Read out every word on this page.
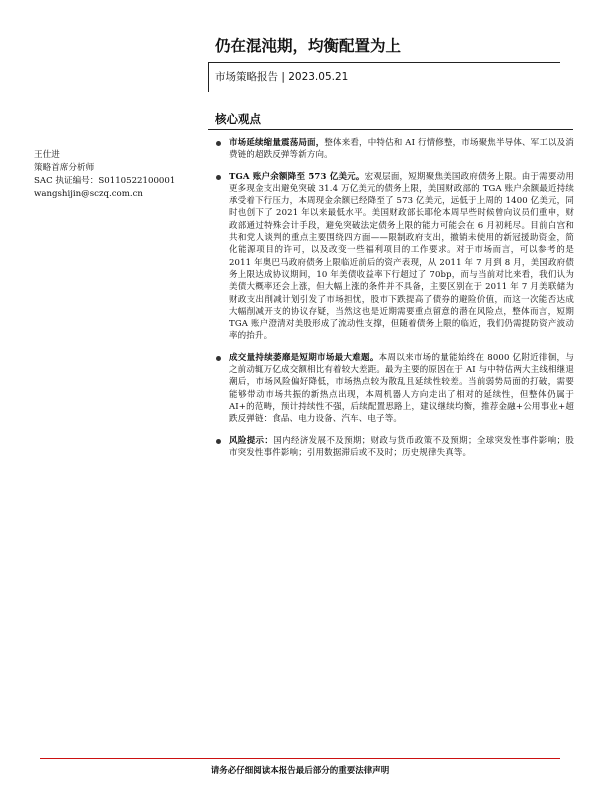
仍在混沌期，均衡配置为上
市场策略报告 | 2023.05.21
核心观点
王仕进
策略首席分析师
SAC 执证编号：S0110522100001
wangshijin@sczq.com.cn
市场延续缩量震荡局面，整体来看，中特估和 AI 行情修整，市场聚焦半导体、军工以及消费链的超跌反弹等新方向。
TGA 账户余额降至 573 亿美元。宏观层面，短期聚焦美国政府债务上限。由于需要动用更多现金支出避免突破 31.4 万亿美元的债务上限，美国财政部的 TGA 账户余额最近持续承受着下行压力，本周现金余额已经降至了 573 亿美元，远低于上周的 1400 亿美元，同时也创下了 2021 年以来最低水平。美国财政部长耶伦本周早些时候曾向议员们重申，财政部通过特殊会计手段，避免突破法定债务上限的能力可能会在 6 月初耗尽。目前白宫和共和党人谈判的重点主要围绕四方面——限制政府支出，撤销未使用的新冠援助资金，简化能源项目的许可，以及改变一些福利项目的工作要求。对于市场而言，可以参考的是 2011 年奥巴马政府债务上限临近前后的资产表现，从 2011 年 7 月到 8 月，美国政府债务上限达成协议期间，10 年美债收益率下行超过了 70bp，而与当前对比来看，我们认为美债大概率还会上涨，但大幅上涨的条件并不具备，主要区别在于 2011 年 7 月美联储为财政支出削减计划引发了市场担忧，股市下跌提高了债券的避险价值，而这一次能否达成大幅削减开支的协议存疑，当然这也是近期需要重点留意的潜在风险点，整体而言，短期 TGA 账户澄清对美股形成了流动性支撑，但随着债务上限的临近，我们仍需提防资产波动率的抬升。
成交量持续萎靡是短期市场最大难题。本周以来市场的量能始终在 8000 亿附近徘徊，与之前动辄万亿成交额相比有着较大差距。最为主要的原因在于 AI 与中特估两大主线相继退潮后，市场风险偏好降低，市场热点较为散乱且延续性较差。当前弱势局面的打破，需要能够带动市场共振的新热点出现，本周机器人方向走出了相对的延续性，但整体仍属于 AI+的范畴，预计持续性不强，后续配置思路上，建议继续均衡，推荐金融+公用事业+超跌反弹链：食品、电力设备、汽车、电子等。
风险提示：国内经济发展不及预期；财政与货币政策不及预期；全球突发性事件影响；股市突发性事件影响；引用数据滞后或不及时；历史规律失真等。
请务必仔细阅读本报告最后部分的重要法律声明
